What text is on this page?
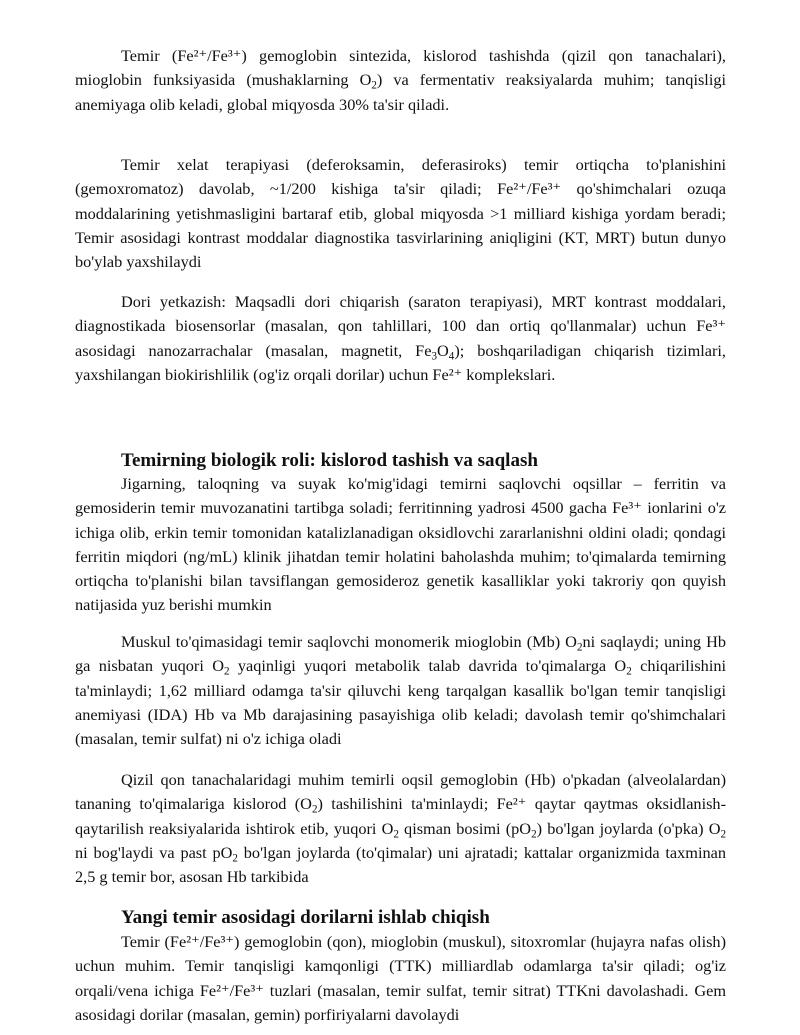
Temir (Fe²⁺/Fe³⁺) gemoglobin sintezida, kislorod tashishda (qizil qon tanachalari), mioglobin funksiyasida (mushaklarning $O_2$) va fermentativ reaksiyalarda muhim; tanqisligi anemiyaga olib keladi, global miqyosda 30% ta'sir qiladi.

Temir xelat terapiyasi (deferoksamin, deferasiroks) temir ortiqcha to'planishini (gemoxromatoz) davolab, ~1/200 kishiga ta'sir qiladi; Fe²⁺/Fe³⁺ qo'shimchalari ozuqa moddalarining yetishmasligini bartaraf etib, global miqyosda >1 milliard kishiga yordam beradi; Temir asosidagi kontrast moddalar diagnostika tasvirlarining aniqligini (KT, MRT) butun dunyo bo'ylab yaxshilaydi

Dori yetkazish: Maqsadli dori chiqarish (saraton terapiyasi), MRT kontrast moddalari, diagnostikada biosensorlar (masalan, qon tahlillari, 100 dan ortiq qo'llanmalar) uchun Fe³⁺ asosidagi nanozarrachalar (masalan, magnetit, $Fe_3O_4$); boshqariladigan chiqarish tizimlari, yaxshilangan biokirishlilik (og'iz orqali dorilar) uchun Fe²⁺ komplekslari.

Temirning biologik roli: kislorod tashish va saqlash

Jigarning, taloqning va suyak ko'mig'idagi temirni saqlovchi oqsillar – ferritin va gemosiderin temir muvozanatini tartibga soladi; ferritinning yadrosi 4500 gacha Fe³⁺ ionlarini o'z ichiga olib, erkin temir tomonidan katalizlanadigan oksidlovchi zararlanishni oldini oladi; qondagi ferritin miqdori (ng/mL) klinik jihatdan temir holatini baholashda muhim; to'qimalarda temirning ortiqcha to'planishi bilan tavsiflangan gemosideroz genetik kasalliklar yoki takroriy qon quyish natijasida yuz berishi mumkin

Muskul to'qimasidagi temir saqlovchi monomerik mioglobin (Mb) $O_2ni$ saqlaydi; uning Hb ga nisbatan yuqori $O_2$ yaqinligi yuqori metabolik talab davrida to'qimalarga $O_2$ chiqarilishini ta'minlaydi; 1,62 milliard odamga ta'sir qiluvchi keng tarqalgan kasallik bo'lgan temir tanqisligi anemiyasi (IDA) Hb va Mb darajasining pasayishiga olib keladi; davolash temir qo'shimchalari (masalan, temir sulfat) ni o'z ichiga oladi

Qizil qon tanachalaridagi muhim temirli oqsil gemoglobin (Hb) o'pkadan (alveolalardan) tananing to'qimalariga kislorod $(O_2)$ tashilishini ta'minlaydi; Fe²⁺ qaytar qaytmas oksidlanish-qaytarilish reaksiyalarida ishtirok etib, yuqori $O_2$ qisman bosimi $(pO_2)$ bo'lgan joylarda (o'pka) $O_2$ ni bog'laydi va past $pO_2$ bo'lgan joylarda (to'qimalar) uni ajratadi; kattalar organizmida taxminan 2,5 g temir bor, asosan Hb tarkibida

Yangi temir asosidagi dorilarni ishlab chiqish

Temir (Fe²⁺/Fe³⁺) gemoglobin (qon), mioglobin (muskul), sitoxromlar (hujayra nafas olish) uchun muhim. Temir tanqisligi kamqonligi (TTK) milliardlab odamlarga ta'sir qiladi; og'iz orqali/vena ichiga Fe²⁺/Fe³⁺ tuzlari (masalan, temir sulfat, temir sitrat) TTKni davolashadi. Gem asosidagi dorilar (masalan, gemin) porfiriyalarni davolaydi
